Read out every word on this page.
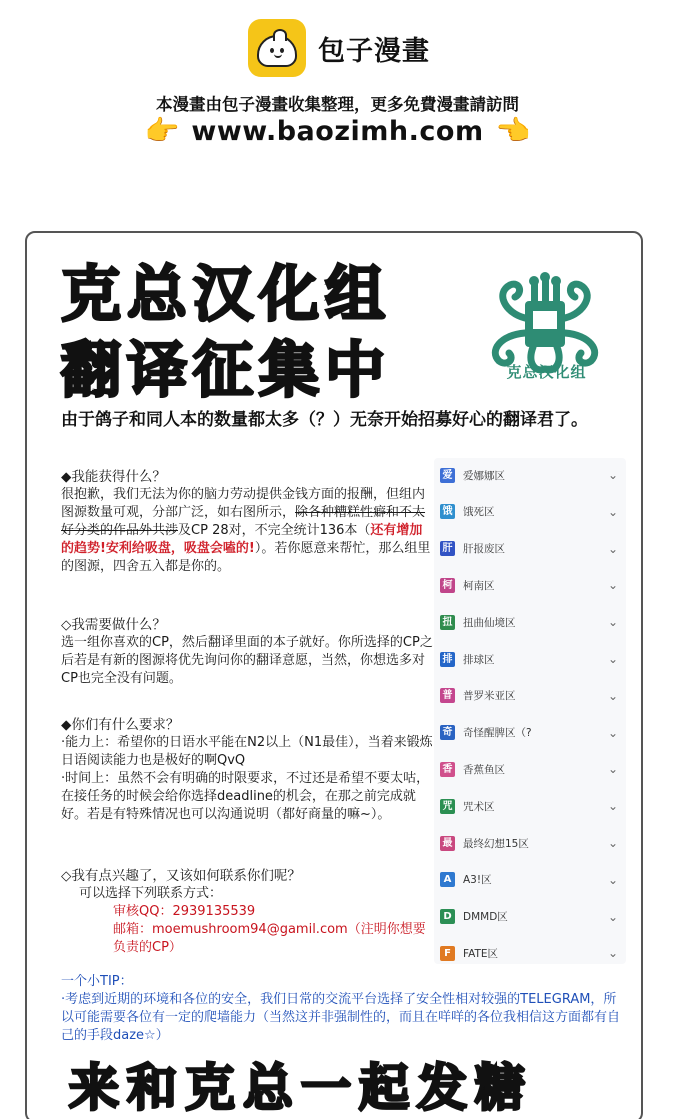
包子漫畫
本漫畫由包子漫畫收集整理，更多免費漫畫請訪問
👉 www.baozimh.com 👈
克总汉化组
翻译征集中	克总汉化组
由于鸽子和同人本的数量都太多（？）无奈开始招募好心的翻译君了。
◆我能获得什么？

很抱歉，我们无法为你的脑力劳动提供金钱方面的报酬，但组内图源数量可观，分部广泛，如右图所示，除各种糟糕性癖和不太好分类的作品外共涉及CP 28对，不完全统计136本（还有增加的趋势!安利给吸盘，吸盘会嗑的!）。若你愿意来帮忙，那么组里的图源，四舍五入都是你的。

◇我需要做什么？

选一组你喜欢的CP，然后翻译里面的本子就好。你所选择的CP之后若是有新的图源将优先询问你的翻译意愿，当然，你想选多对CP也完全没有问题。

◆你们有什么要求？

·能力上：希望你的日语水平能在N2以上（N1最佳），当着来锻炼日语阅读能力也是极好的啊QvQ

·时间上：虽然不会有明确的时限要求，不过还是希望不要太咕，在接任务的时候会给你选择deadline的机会，在那之前完成就好。若是有特殊情况也可以沟通说明（都好商量的嘛~）。

◇我有点兴趣了，又该如何联系你们呢？

可以选择下列联系方式：

审核QQ：2939135539

邮箱：moemushroom94@gamil.com（注明你想要负责的CP）

一个小TIP：
·考虑到近期的环境和各位的安全，我们日常的交流平台选择了安全性相对较强的TELEGRAM，所以可能需要各位有一定的爬墙能力（当然这并非强制性的，而且在咩咩的各位我相信这方面都有自己的手段daze☆）
来和克总一起发糖
爱 爱娜娜区	⌄
饿 饿死区	⌄
肝 肝报废区	⌄
柯 柯南区	⌄
扭 扭曲仙境区	⌄
排 排球区	⌄
普 普罗米亚区	⌄
奇 奇怪醒脾区（?	⌄
香 香蕉鱼区	⌄
咒 咒术区	⌄
最 最终幻想15区	⌄
A	A3!区	⌄
D	DMMD区	⌄
F	FATE区	⌄
